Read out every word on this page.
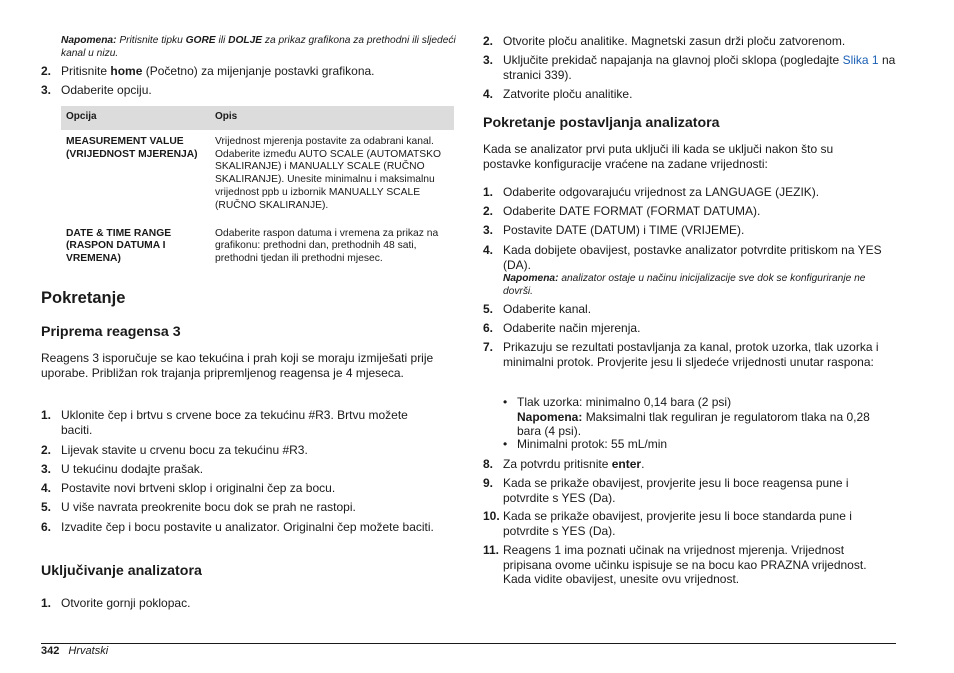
Napomena: Pritisnite tipku GORE ili DOLJE za prikaz grafikona za prethodni ili sljedeći kanal u nizu.
2. Pritisnite home (Početno) za mijenjanje postavki grafikona.
3. Odaberite opciju.
Opcija	Opis
MEASUREMENT VALUE (VRIJEDNOST MJERENJA)	Vrijednost mjerenja postavite za odabrani kanal. Odaberite između AUTO SCALE (AUTOMATSKO SKALIRANJE) i MANUALLY SCALE (RUČNO SKALIRANJE). Unesite minimalnu i maksimalnu vrijednost ppb u izbornik MANUALLY SCALE (RUČNO SKALIRANJE).
DATE & TIME RANGE (RASPON DATUMA I VREMENA)	Odaberite raspon datuma i vremena za prikaz na grafikonu: prethodni dan, prethodnih 48 sati, prethodni tjedan ili prethodni mjesec.
Pokretanje
Priprema reagensa 3
Reagens 3 isporučuje se kao tekućina i prah koji se moraju izmiješati prije uporabe. Približan rok trajanja pripremljenog reagensa je 4 mjeseca.
1. Uklonite čep i brtvu s crvene boce za tekućinu #R3. Brtvu možete baciti.
2. Lijevak stavite u crvenu bocu za tekućinu #R3.
3. U tekućinu dodajte prašak.
4. Postavite novi brtveni sklop i originalni čep za bocu.
5. U više navrata preokrenite bocu dok se prah ne rastopi.
6. Izvadite čep i bocu postavite u analizator. Originalni čep možete baciti.
Uključivanje analizatora
1. Otvorite gornji poklopac.
2. Otvorite ploču analitike. Magnetski zasun drži ploču zatvorenom.
3. Uključite prekidač napajanja na glavnoj ploči sklopa (pogledajte Slika 1 na stranici 339).
4. Zatvorite ploču analitike.
Pokretanje postavljanja analizatora
Kada se analizator prvi puta uključi ili kada se uključi nakon što su postavke konfiguracije vraćene na zadane vrijednosti:
1. Odaberite odgovarajuću vrijednost za LANGUAGE (JEZIK).
2. Odaberite DATE FORMAT (FORMAT DATUMA).
3. Postavite DATE (DATUM) i TIME (VRIJEME).
4. Kada dobijete obavijest, postavke analizator potvrdite pritiskom na YES (DA).
Napomena: analizator ostaje u načinu inicijalizacije sve dok se konfiguriranje ne dovrši.
5. Odaberite kanal.
6. Odaberite način mjerenja.
7. Prikazuju se rezultati postavljanja za kanal, protok uzorka, tlak uzorka i minimalni protok. Provjerite jesu li sljedeće vrijednosti unutar raspona:
• Tlak uzorka: minimalno 0,14 bara (2 psi)
Napomena: Maksimalni tlak reguliran je regulatorom tlaka na 0,28 bara (4 psi).
• Minimalni protok: 55 mL/min
8. Za potvrdu pritisnite enter.
9. Kada se prikaže obavijest, provjerite jesu li boce reagensa pune i potvrdite s YES (Da).
10. Kada se prikaže obavijest, provjerite jesu li boce standarda pune i potvrdite s YES (Da).
11. Reagens 1 ima poznati učinak na vrijednost mjerenja. Vrijednost pripisana ovome učinku ispisuje se na bocu kao PRAZNA vrijednost. Kada vidite obavijest, unesite ovu vrijednost.
342 Hrvatski
